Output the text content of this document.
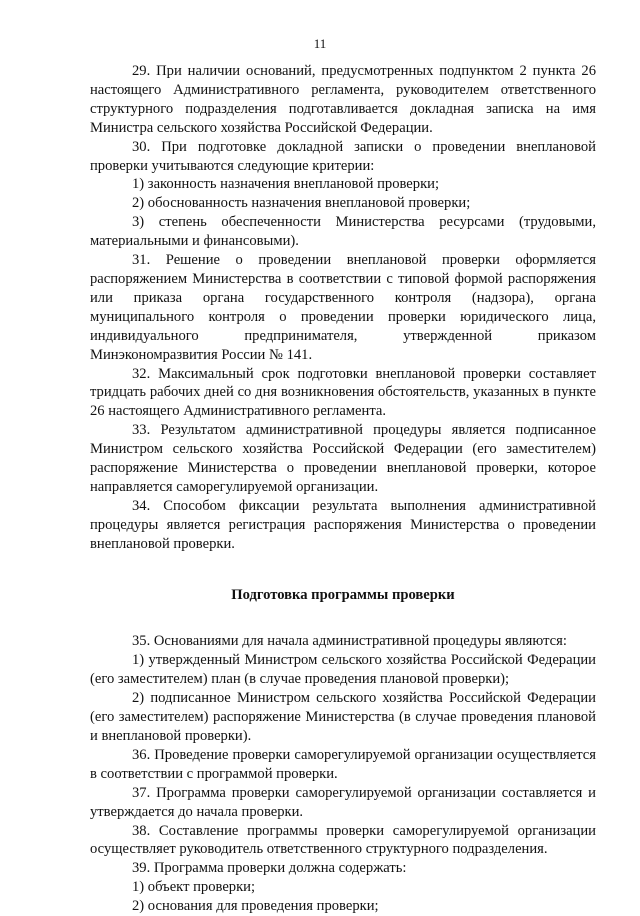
11

29. При наличии оснований, предусмотренных подпунктом 2 пункта 26 настоящего Административного регламента, руководителем ответственного структурного подразделения подготавливается докладная записка на имя Министра сельского хозяйства Российской Федерации.

30. При подготовке докладной записки о проведении внеплановой проверки учитываются следующие критерии:

1) законность назначения внеплановой проверки;

2) обоснованность назначения внеплановой проверки;

3) степень обеспеченности Министерства ресурсами (трудовыми, материальными и финансовыми).

31. Решение о проведении внеплановой проверки оформляется распоряжением Министерства в соответствии с типовой формой распоряжения или приказа органа государственного контроля (надзора), органа муниципального контроля о проведении проверки юридического лица, индивидуального предпринимателя, утвержденной приказом Минэкономразвития России № 141.

32. Максимальный срок подготовки внеплановой проверки составляет тридцать рабочих дней со дня возникновения обстоятельств, указанных в пункте 26 настоящего Административного регламента.

33. Результатом административной процедуры является подписанное Министром сельского хозяйства Российской Федерации (его заместителем) распоряжение Министерства о проведении внеплановой проверки, которое направляется саморегулируемой организации.

34. Способом фиксации результата выполнения административной процедуры является регистрация распоряжения Министерства о проведении внеплановой проверки.

Подготовка программы проверки

35. Основаниями для начала административной процедуры являются:

1) утвержденный Министром сельского хозяйства Российской Федерации (его заместителем) план (в случае проведения плановой проверки);

2) подписанное Министром сельского хозяйства Российской Федерации (его заместителем) распоряжение Министерства (в случае проведения плановой и внеплановой проверки).

36. Проведение проверки саморегулируемой организации осуществляется в соответствии с программой проверки.

37. Программа проверки саморегулируемой организации составляется и утверждается до начала проверки.

38. Составление программы проверки саморегулируемой организации осуществляет руководитель ответственного структурного подразделения.

39. Программа проверки должна содержать:

1) объект проверки;

2) основания для проведения проверки;
